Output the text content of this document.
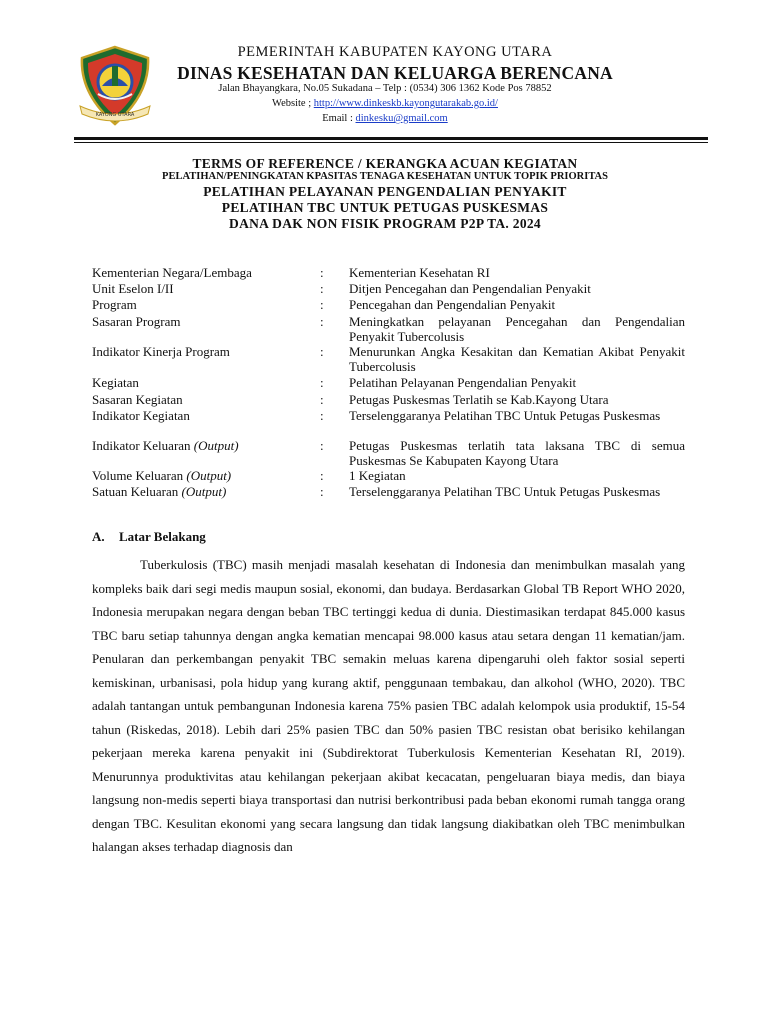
KAYONG UTARA
PEMERINTAH KABUPATEN KAYONG UTARA
DINAS KESEHATAN DAN KELUARGA BERENCANA
Jalan Bhayangkara, No.05 Sukadana – Telp : (0534) 306 1362 Kode Pos 78852
Website ; http://www.dinkeskb.kayongutarakab.go.id/
Email : dinkesku@gmail.com
TERMS OF REFERENCE / KERANGKA ACUAN KEGIATAN
PELATIHAN/PENINGKATAN KPASITAS TENAGA KESEHATAN UNTUK TOPIK PRIORITAS
PELATIHAN PELAYANAN PENGENDALIAN PENYAKIT
PELATIHAN TBC UNTUK PETUGAS PUSKESMAS
DANA DAK NON FISIK PROGRAM P2P TA. 2024
Kementerian Negara/Lembaga	:	Kementerian Kesehatan RI
Unit Eselon I/II	:	Ditjen Pencegahan dan Pengendalian Penyakit
Program	:	Pencegahan dan Pengendalian Penyakit
Sasaran Program	:	Meningkatkan pelayanan Pencegahan dan Pengendalian Penyakit Tubercolusis
Indikator Kinerja Program	:	Menurunkan Angka Kesakitan dan Kematian Akibat Penyakit Tubercolusis
Kegiatan	:	Pelatihan Pelayanan Pengendalian Penyakit
Sasaran Kegiatan	:	Petugas Puskesmas Terlatih se Kab.Kayong Utara
Indikator Kegiatan	:	Terselenggaranya Pelatihan TBC Untuk Petugas Puskesmas
Indikator Keluaran (Output)	:	Petugas Puskesmas terlatih tata laksana TBC di semua Puskesmas Se Kabupaten Kayong Utara
Volume Keluaran (Output)	:	1 Kegiatan
Satuan Keluaran (Output)	:	Terselenggaranya Pelatihan TBC Untuk Petugas Puskesmas
A. Latar Belakang
Tuberkulosis (TBC) masih menjadi masalah kesehatan di Indonesia dan menimbulkan masalah yang kompleks baik dari segi medis maupun sosial, ekonomi, dan budaya. Berdasarkan Global TB Report WHO 2020, Indonesia merupakan negara dengan beban TBC tertinggi kedua di dunia. Diestimasikan terdapat 845.000 kasus TBC baru setiap tahunnya dengan angka kematian mencapai 98.000 kasus atau setara dengan 11 kematian/jam. Penularan dan perkembangan penyakit TBC semakin meluas karena dipengaruhi oleh faktor sosial seperti kemiskinan, urbanisasi, pola hidup yang kurang aktif, penggunaan tembakau, dan alkohol (WHO, 2020). TBC adalah tantangan untuk pembangunan Indonesia karena 75% pasien TBC adalah kelompok usia produktif, 15-54 tahun (Riskedas, 2018). Lebih dari 25% pasien TBC dan 50% pasien TBC resistan obat berisiko kehilangan pekerjaan mereka karena penyakit ini (Subdirektorat Tuberkulosis Kementerian Kesehatan RI, 2019). Menurunnya produktivitas atau kehilangan pekerjaan akibat kecacatan, pengeluaran biaya medis, dan biaya langsung non-medis seperti biaya transportasi dan nutrisi berkontribusi pada beban ekonomi rumah tangga orang dengan TBC. Kesulitan ekonomi yang secara langsung dan tidak langsung diakibatkan oleh TBC menimbulkan halangan akses terhadap diagnosis dan
